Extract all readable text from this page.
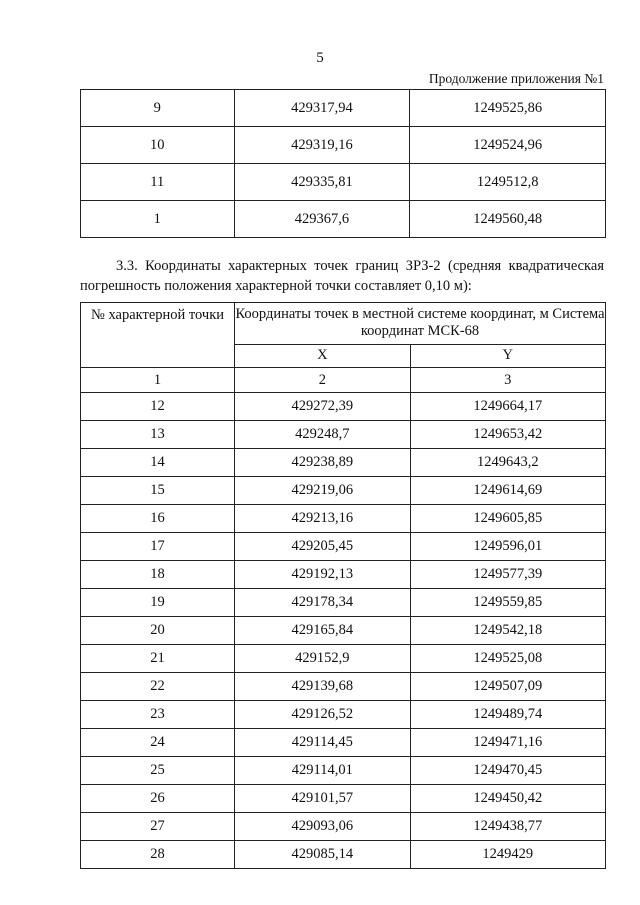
5
Продолжение приложения №1
9	429317,94	1249525,86
10	429319,16	1249524,96
11	429335,81	1249512,8
1	429367,6	1249560,48
3.3. Координаты характерных точек границ ЗРЗ-2 (средняя квадратическая погрешность положения характерной точки составляет 0,10 м):
№ характерной точки	Координаты точек в местной системе координат, м Система координат МСК-68	
	X	Y
1	2	3
12	429272,39	1249664,17
13	429248,7	1249653,42
14	429238,89	1249643,2
15	429219,06	1249614,69
16	429213,16	1249605,85
17	429205,45	1249596,01
18	429192,13	1249577,39
19	429178,34	1249559,85
20	429165,84	1249542,18
21	429152,9	1249525,08
22	429139,68	1249507,09
23	429126,52	1249489,74
24	429114,45	1249471,16
25	429114,01	1249470,45
26	429101,57	1249450,42
27	429093,06	1249438,77
28	429085,14	1249429
